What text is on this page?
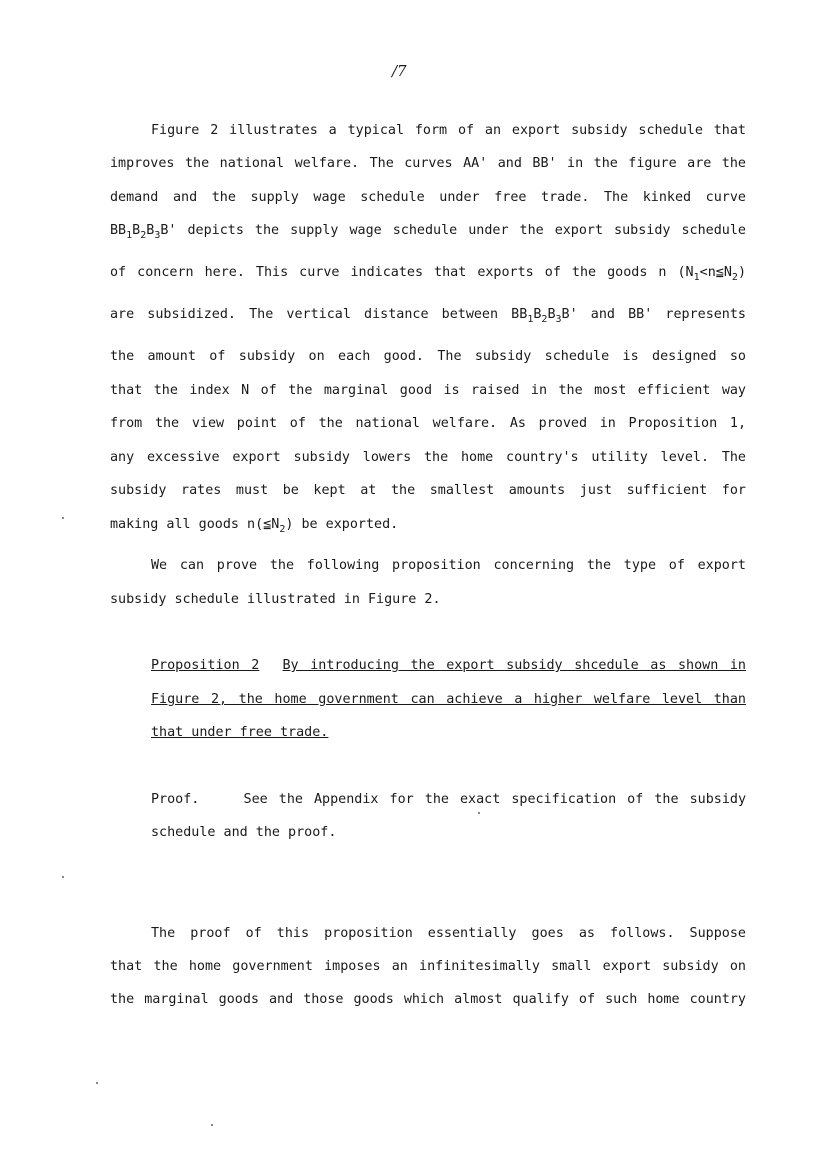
/7
Figure 2 illustrates a typical form of an export subsidy schedule that
improves the national welfare. The curves AA' and BB' in the figure are the
demand and the supply wage schedule under free trade. The kinked curve
$BB_1B_2B_3B'$ depicts the supply wage schedule under the export subsidy schedule
of concern here. This curve indicates that exports of the goods n $(N_1<n≦N_2)$
are subsidized. The vertical distance between $BB_1B_2B_3B'$ and BB' represents
the amount of subsidy on each good. The subsidy schedule is designed so
that the index N of the marginal good is raised in the most efficient way
from the view point of the national welfare. As proved in Proposition 1,
any excessive export subsidy lowers the home country's utility level. The
subsidy rates must be kept at the smallest amounts just sufficient for
making all goods $n(≦N_2)$ be exported.
We can prove the following proposition concerning the type of export
subsidy schedule illustrated in Figure 2.
Proposition 2 By introducing the export subsidy shcedule as shown in
Figure 2, the home government can achieve a higher welfare level than
that under free trade.
Proof.	See the Appendix for the exact specification of the subsidy
schedule and the proof.
The proof of this proposition essentially goes as follows. Suppose
that the home government imposes an infinitesimally small export subsidy on
the marginal goods and those goods which almost qualify of such home country
